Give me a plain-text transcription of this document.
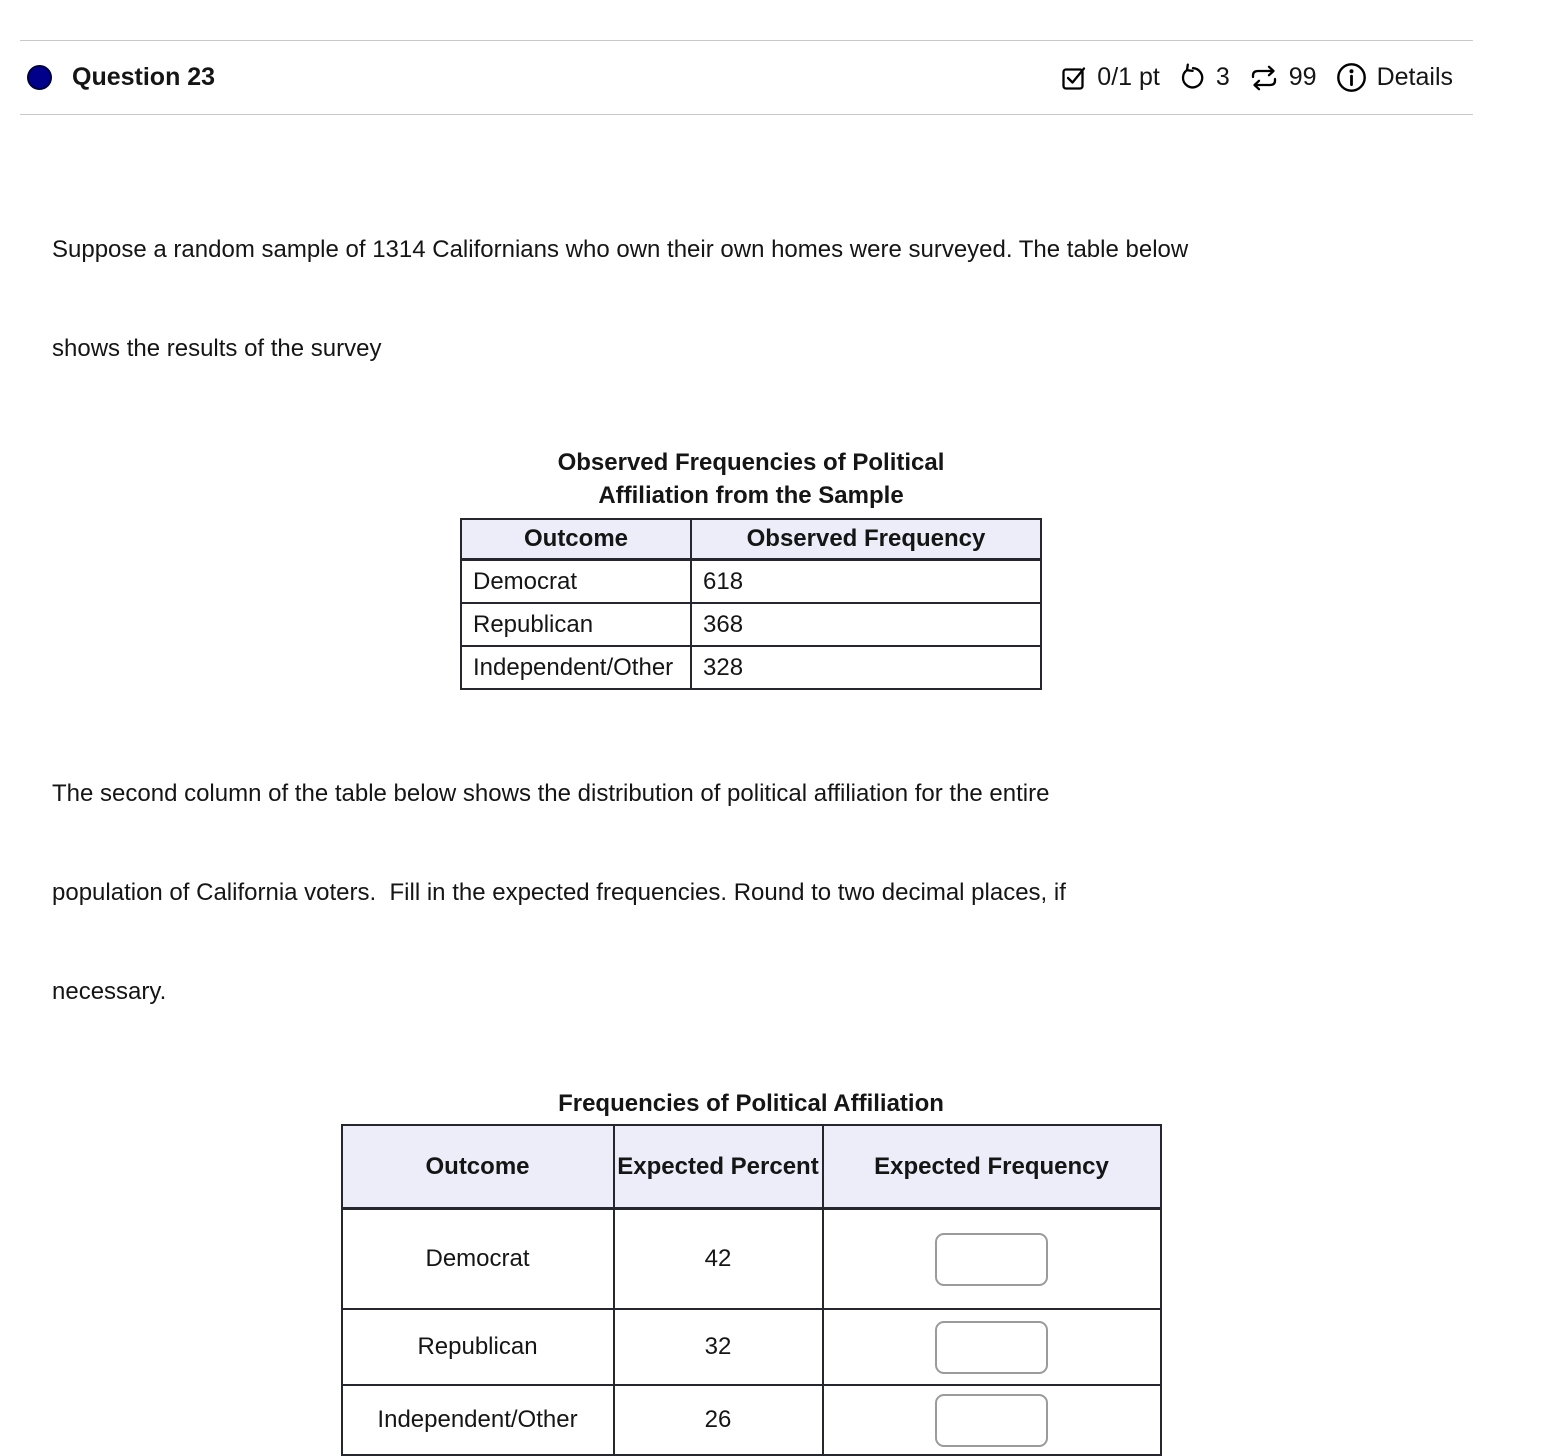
Question 23	0/1 pt 3 99 Details

Suppose a random sample of 1314 Californians who own their own homes were surveyed. The table below

shows the results of the survey

Observed Frequencies of Political
Affiliation from the Sample
Outcome	Observed Frequency
Democrat	618
Republican	368
Independent/Other	328

The second column of the table below shows the distribution of political affiliation for the entire

population of California voters.  Fill in the expected frequencies. Round to two decimal places, if

necessary.

Frequencies of Political Affiliation
Outcome	Expected Percent	Expected Frequency
Democrat	42	
Republican	32	
Independent/Other	26	
